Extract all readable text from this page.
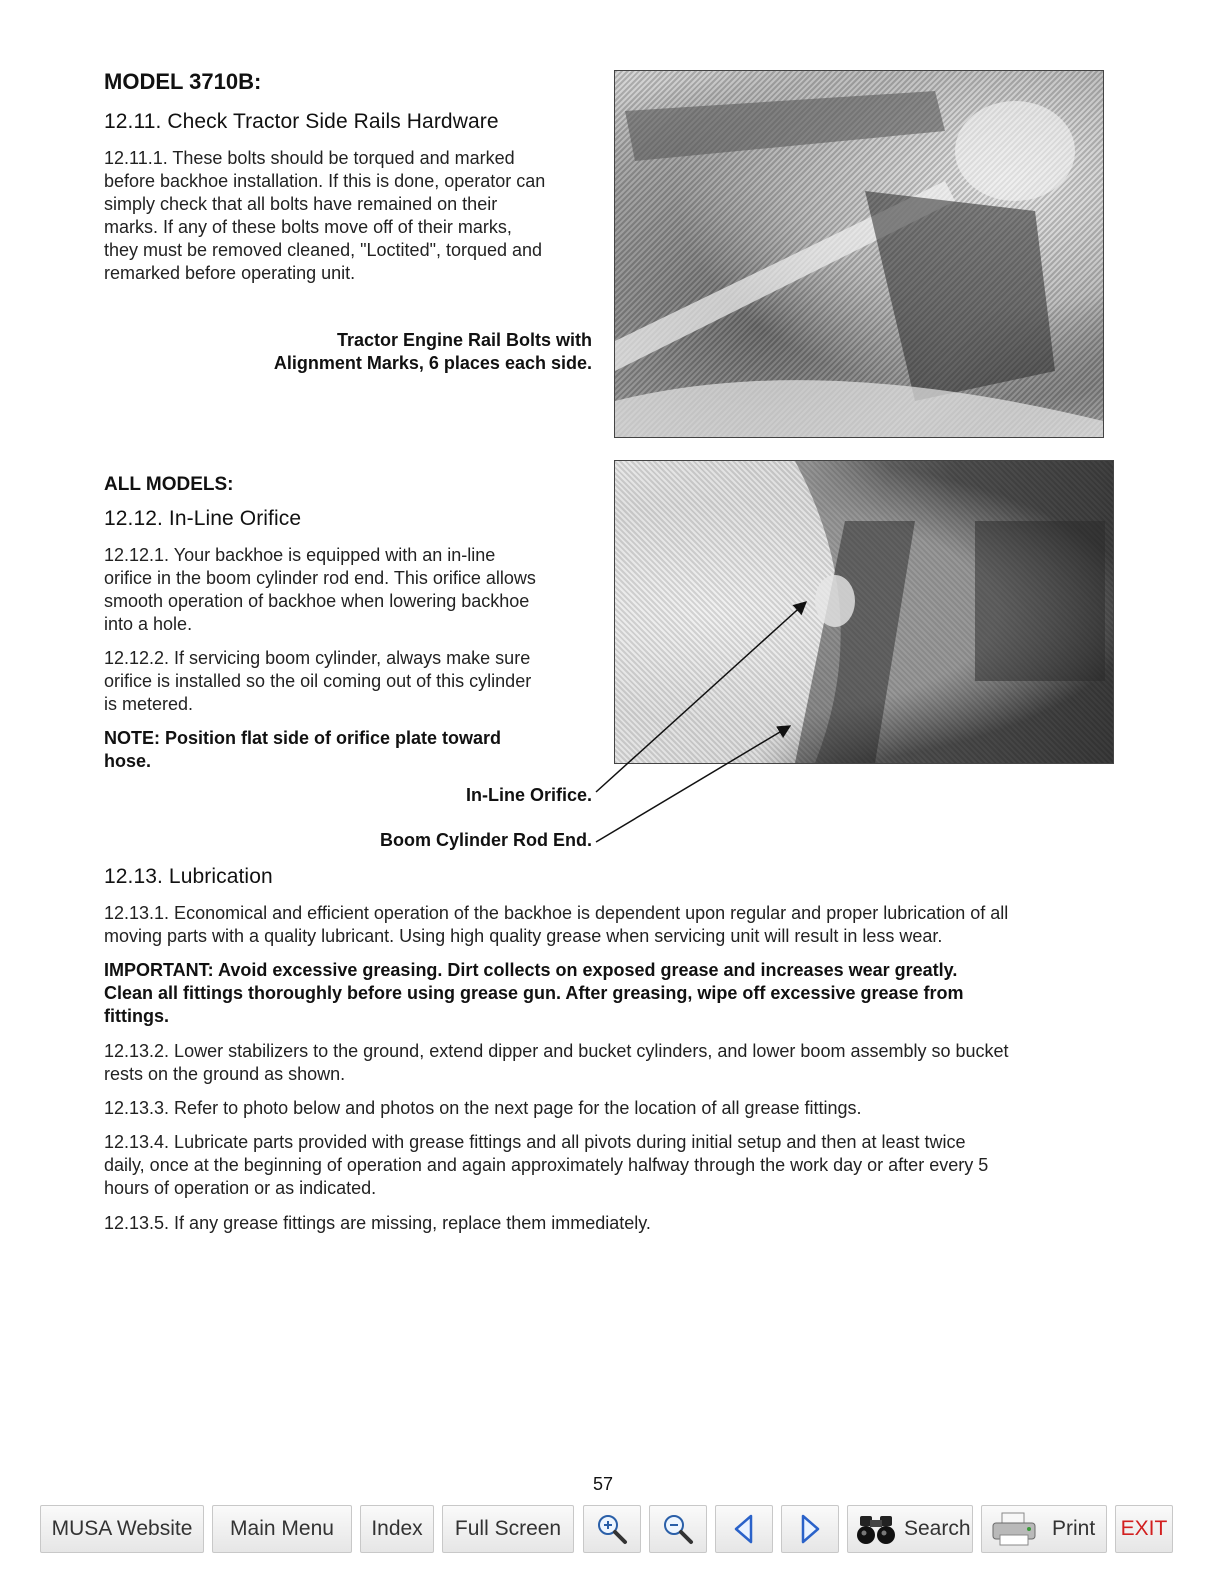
MODEL 3710B:
12.11. Check Tractor Side Rails Hardware
12.11.1. These bolts should be torqued and marked
before backhoe installation. If this is done, operator can
simply check that all bolts have remained on their
marks. If any of these bolts move off of their marks,
they must be removed cleaned, "Loctited", torqued and
remarked before operating unit.
Tractor Engine Rail Bolts with
Alignment Marks, 6 places each side.
ALL MODELS:
12.12. In-Line Orifice
12.12.1. Your backhoe is equipped with an in-line
orifice in the boom cylinder rod end. This orifice allows
smooth operation of backhoe when lowering backhoe
into a hole.
12.12.2. If servicing boom cylinder, always make sure
orifice is installed so the oil coming out of this cylinder
is metered.
NOTE: Position flat side of orifice plate toward
hose.
In-Line Orifice.
Boom Cylinder Rod End.
12.13. Lubrication
12.13.1. Economical and efficient operation of the backhoe is dependent upon regular and proper lubrication of all
moving parts with a quality lubricant. Using high quality grease when servicing unit will result in less wear.
IMPORTANT: Avoid excessive greasing. Dirt collects on exposed grease and increases wear greatly.
Clean all fittings thoroughly before using grease gun. After greasing, wipe off excessive grease from
fittings.
12.13.2. Lower stabilizers to the ground, extend dipper and bucket cylinders, and lower boom assembly so bucket
rests on the ground as shown.
12.13.3. Refer to photo below and photos on the next page for the location of all grease fittings.
12.13.4. Lubricate parts provided with grease fittings and all pivots during initial setup and then at least twice
daily, once at the beginning of operation and again approximately halfway through the work day or after every 5
hours of operation or as indicated.
12.13.5. If any grease fittings are missing, replace them immediately.
57
MUSA Website Main Menu Index Full Screen	Search	Print EXIT
